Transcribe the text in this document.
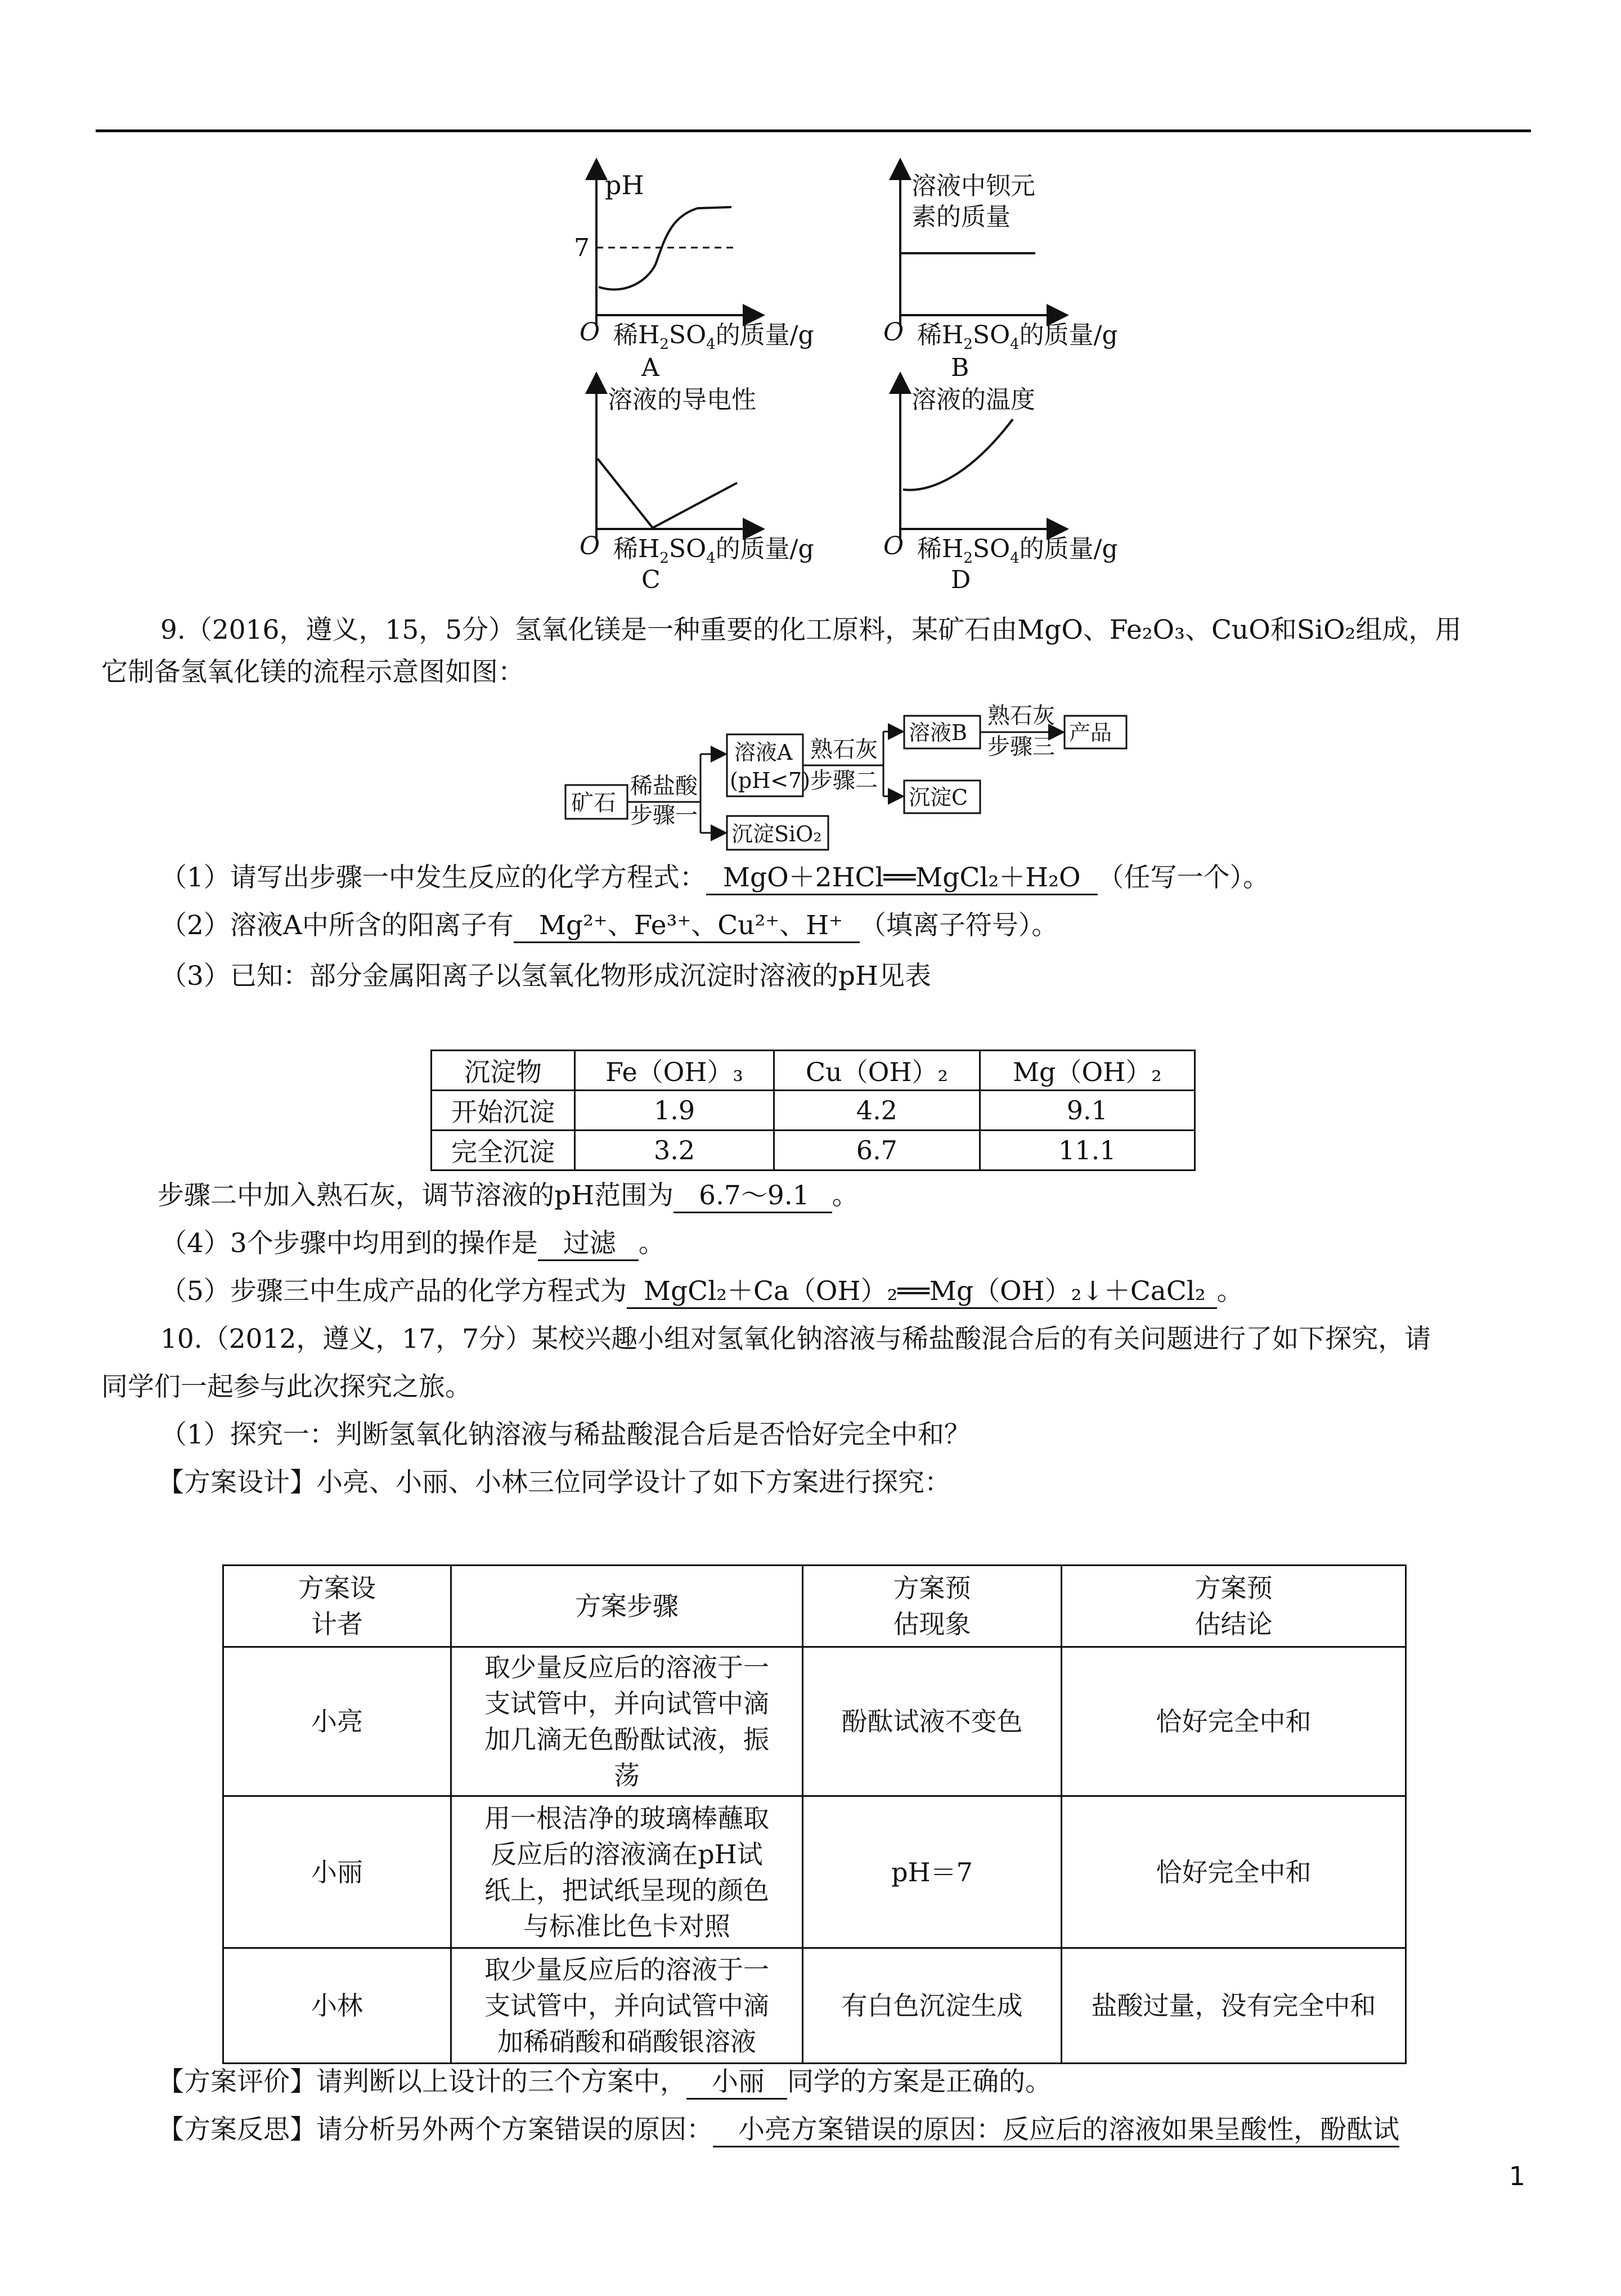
pH
7
O 稀$H_2SO_4$的质量/g
A
溶液中钡元
素的质量
O 稀$H_2SO_4$的质量/g
B
溶液的导电性
O 稀$H_2SO_4$的质量/g
C
溶液的温度
O 稀$H_2SO_4$的质量/g
D
9.（2016，遵义，15，5分）氢氧化镁是一种重要的化工原料，某矿石由MgO、Fe₂O₃、CuO和SiO₂组成，用
它制备氢氧化镁的流程示意图如图：
矿石
稀盐酸
步骤一
溶液A
(pH<7)
沉淀SiO₂
熟石灰
步骤二
溶液B
沉淀C
熟石灰
步骤三
产品
（1）请写出步骤一中发生反应的化学方程式： MgO＋2HCl══MgCl₂＋H₂O （任写一个）。
（2）溶液A中所含的阳离子有 Mg²⁺、Fe³⁺、Cu²⁺、H⁺ （填离子符号）。
（3）已知：部分金属阳离子以氢氧化物形成沉淀时溶液的pH见表
沉淀物	Fe（OH）₃	Cu（OH）₂	Mg（OH）₂
开始沉淀	1.9	4.2	9.1
完全沉淀	3.2	6.7	11.1
步骤二中加入熟石灰，调节溶液的pH范围为 6.7～9.1 。
（4）3个步骤中均用到的操作是 过滤 。
（5）步骤三中生成产品的化学方程式为 MgCl₂＋Ca（OH）₂══Mg（OH）₂↓＋CaCl₂ 。
10.（2012，遵义，17，7分）某校兴趣小组对氢氧化钠溶液与稀盐酸混合后的有关问题进行了如下探究，请
同学们一起参与此次探究之旅。
（1）探究一：判断氢氧化钠溶液与稀盐酸混合后是否恰好完全中和？
【方案设计】小亮、小丽、小林三位同学设计了如下方案进行探究：
方案设
计者	方案步骤	方案预
估现象	方案预
估结论
小亮	取少量反应后的溶液于一
支试管中，并向试管中滴
加几滴无色酚酞试液，振
荡	酚酞试液不变色	恰好完全中和
小丽	用一根洁净的玻璃棒蘸取
反应后的溶液滴在pH试
纸上，把试纸呈现的颜色
与标准比色卡对照	pH＝7	恰好完全中和
小林	取少量反应后的溶液于一
支试管中，并向试管中滴
加稀硝酸和硝酸银溶液	有白色沉淀生成	盐酸过量，没有完全中和
【方案评价】请判断以上设计的三个方案中， 小丽 同学的方案是正确的。
【方案反思】请分析另外两个方案错误的原因： 小亮方案错误的原因：反应后的溶液如果呈酸性，酚酞试
1
